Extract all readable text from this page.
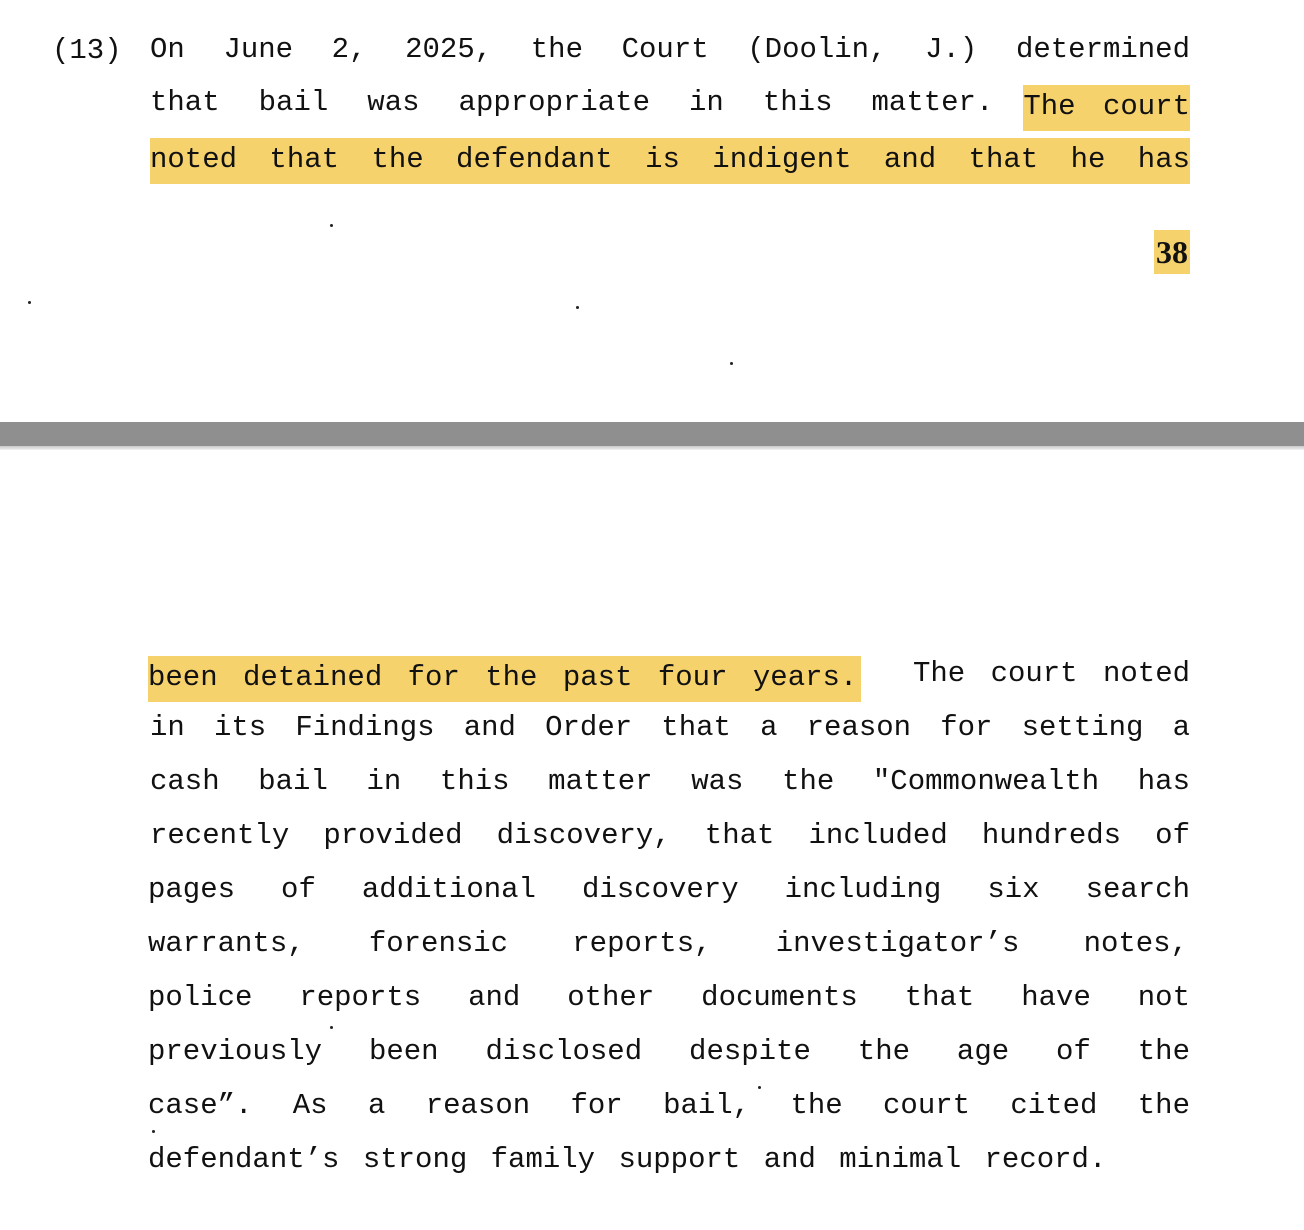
(13) On June 2, 2025, the Court (Doolin, J.) determined
that bail was appropriate in this matter.	The court
noted that the defendant is indigent and that he has
38
been detained for the past four years. The court noted
in its Findings and Order that a reason for setting a
cash bail in this matter was the "Commonwealth has
recently provided discovery, that included hundreds of
pages of additional discovery including six search
warrants, forensic reports, investigator’s notes,
police reports and other documents that have not
previously been disclosed despite the age of the
case”. As a reason for bail, the court cited the
defendant’s strong family support and minimal record.
